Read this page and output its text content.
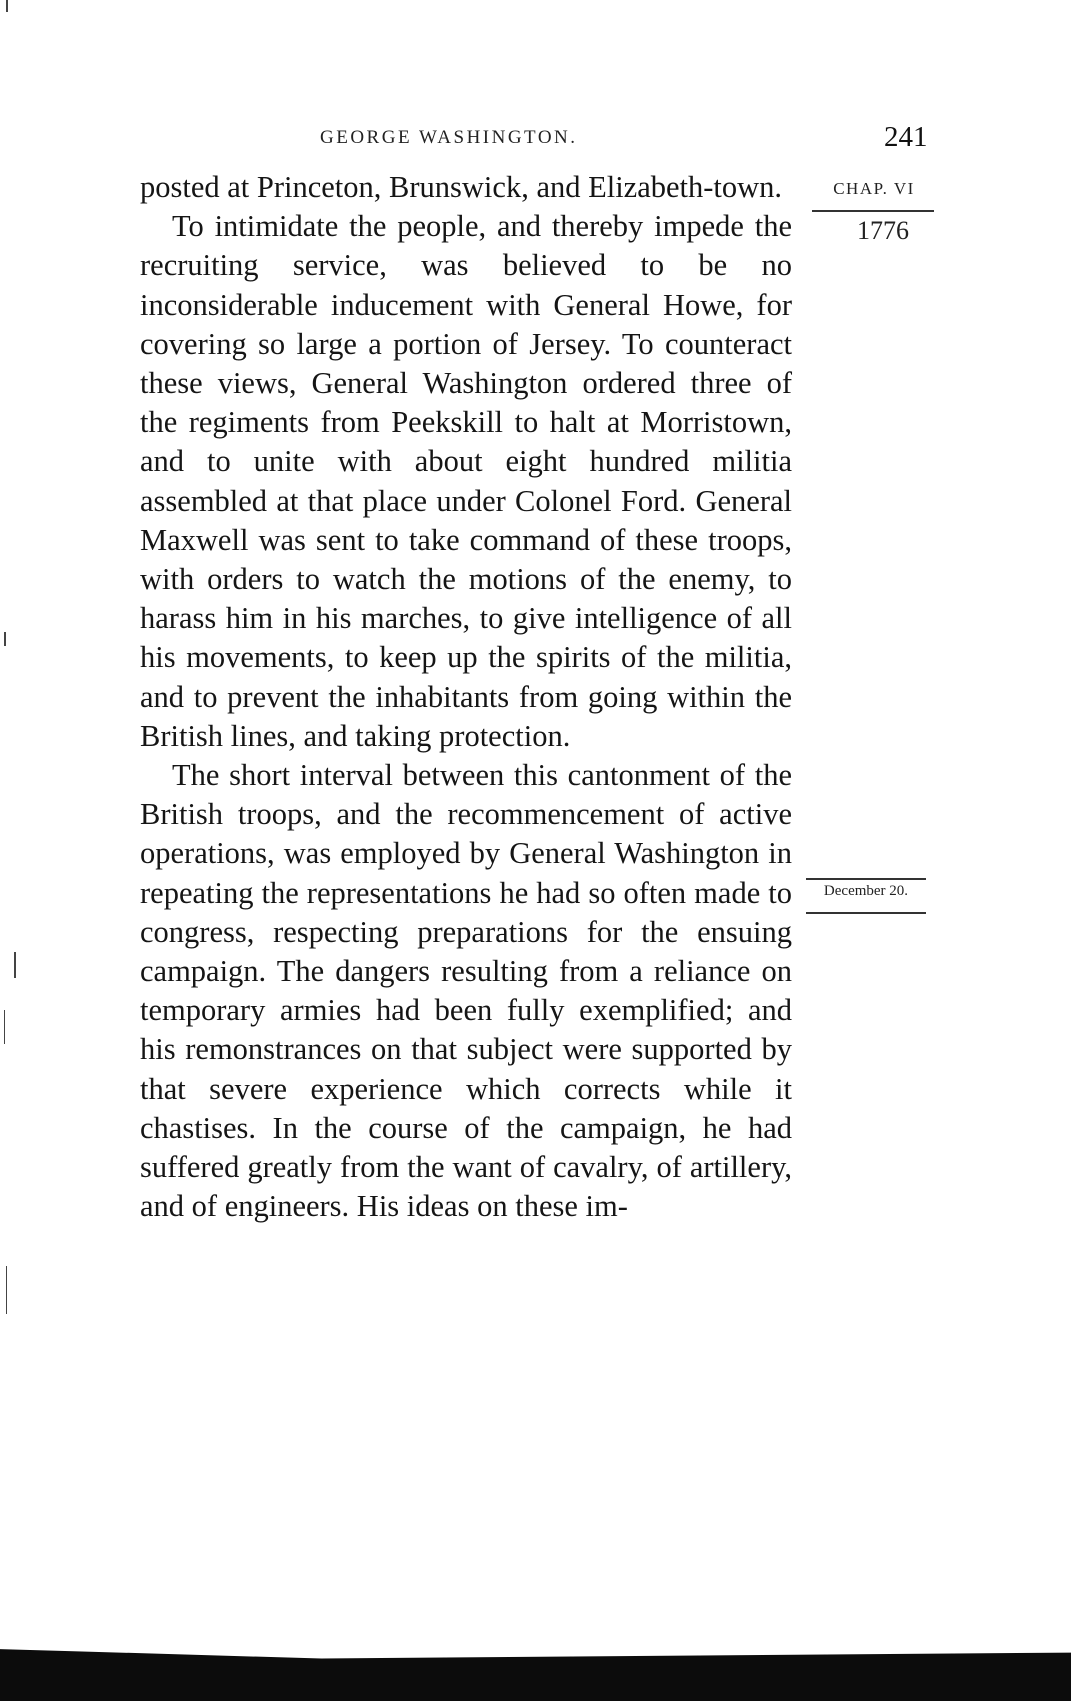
GEORGE WASHINGTON.	241
CHAP. VI
1776
December 20.

posted at Princeton, Brunswick, and Elizabeth-town.

To intimidate the people, and thereby impede the recruiting service, was believed to be no inconsiderable inducement with General Howe, for covering so large a portion of Jersey. To counteract these views, General Washington ordered three of the regiments from Peekskill to halt at Morristown, and to unite with about eight hundred militia assembled at that place under Colonel Ford. General Maxwell was sent to take command of these troops, with orders to watch the motions of the enemy, to harass him in his marches, to give intelligence of all his movements, to keep up the spirits of the militia, and to prevent the inhabitants from going within the British lines, and taking protection.

The short interval between this cantonment of the British troops, and the recommencement of active operations, was employed by General Washington in repeating the representations he had so often made to congress, respecting preparations for the ensuing campaign. The dangers resulting from a reliance on temporary armies had been fully exemplified; and his remonstrances on that subject were supported by that severe experience which corrects while it chastises. In the course of the campaign, he had suffered greatly from the want of cavalry, of artillery, and of engineers. His ideas on these im-
